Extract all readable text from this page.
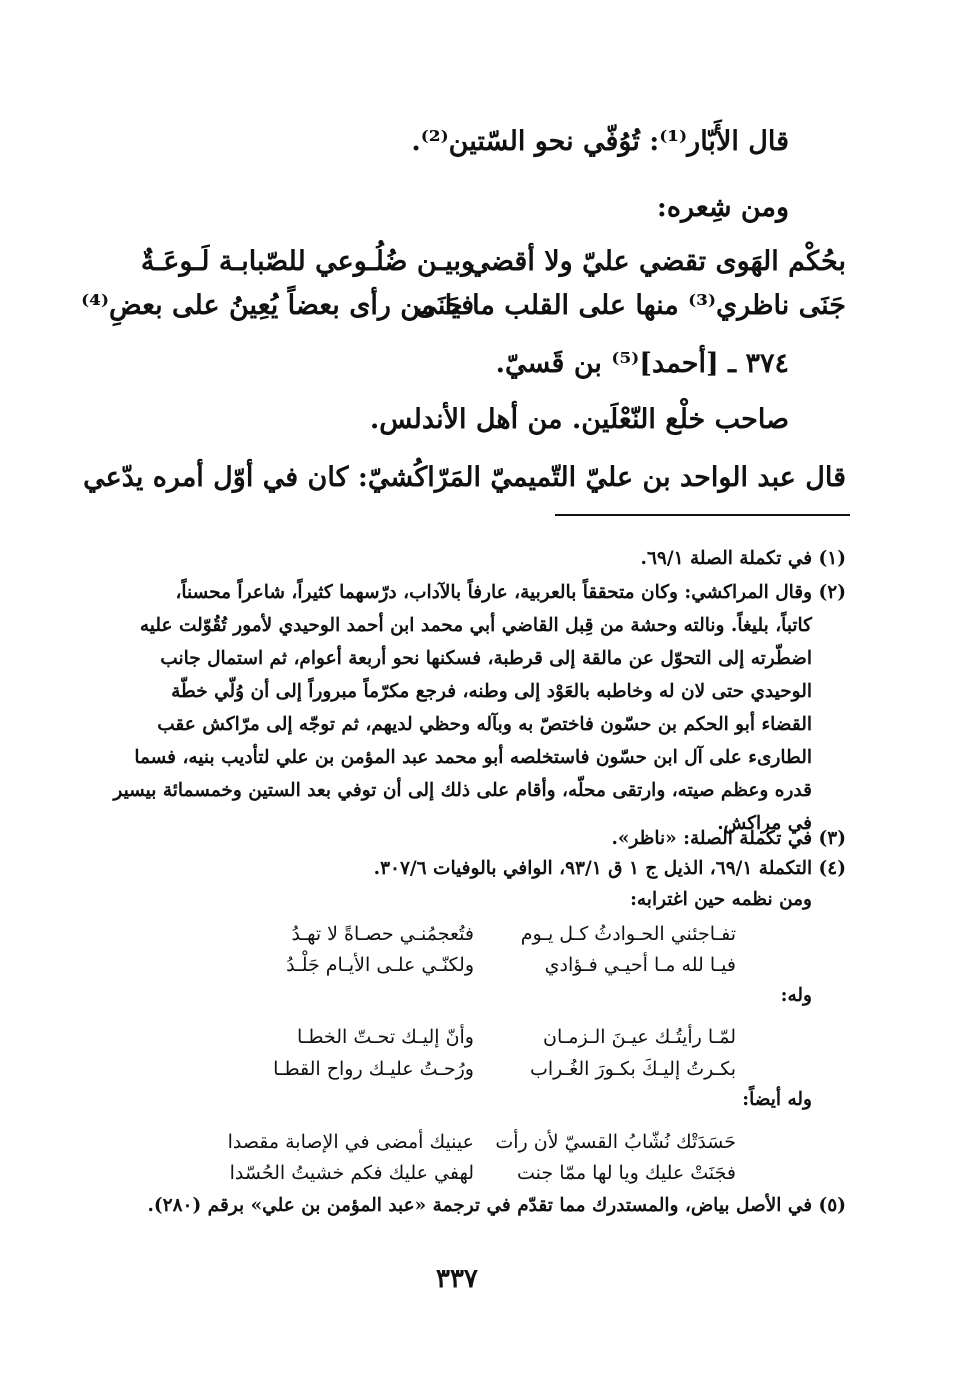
قال الأَبّار⁽¹⁾: تُوُفّي نحو السّتين⁽²⁾.
ومن شِعره:
بحُكْم الهَوى تقضي عليّ ولا أقضي
وبيـن ضُلُـوعي للصّبابـة لَـوعَـةٌ
جَنَى ناظري⁽³⁾ منها على القلب ما جَنَى
فيا من رأى بعضاً يُعِينُ على بعضِ⁽⁴⁾
٣٧٤ ـ [أحمد]⁽⁵⁾ بن قَسيّ.
صاحب خلْع النّعْلَين. من أهل الأندلس.
قال عبد الواحد بن عليّ التّميميّ المَرّاكُشيّ: كان في أوّل أمره يدّعي
(١) في تكملة الصلة ٦٩/١.
(٢) وقال المراكشي: وكان متحققاً بالعربية، عارفاً بالآداب، درّسهما كثيراً، شاعراً محسناً،
كاتباً، بليغاً. ونالته وحشة من قِبل القاضي أبي محمد ابن أحمد الوحيدي لأمور تُقُوّلت عليه
اضطّرته إلى التحوّل عن مالقة إلى قرطبة، فسكنها نحو أربعة أعوام، ثم استمال جانب
الوحيدي حتى لان له وخاطبه بالعَوْد إلى وطنه، فرجع مكرّماً مبروراً إلى أن وُلّي خطّة
القضاء أبو الحكم بن حسّون فاختصّ به وبآله وحظي لديهم، ثم توجّه إلى مرّاكش عقب
الطارىء على آل ابن حسّون فاستخلصه أبو محمد عبد المؤمن بن علي لتأديب بنيه، فسما
قدره وعظم صيته، وارتقى محلّه، وأقام على ذلك إلى أن توفي بعد الستين وخمسمائة بيسير
في مراكش.
(٣) في تكملة الصلة: «ناظر».
(٤) التكملة ٦٩/١، الذيل ج ١ ق ٩٣/١، الوافي بالوفيات ٣٠٧/٦.
ومن نظمه حين اغترابه:
تفـاجئني الحـوادثُ كـل يـوم
فتُعجمُنـي حصـاةً لا تهـدُ
فيـا لله مـا أحيـي فـؤادي
ولكنّـي علـى الأيـام جَلْـدُ
وله:
لمّـا رأيتُـك عيـنَ الـزمـان
وأنّ إليـك تحـتّ الخطـا
بكـرتُ إليـكَ بكـورَ الغُـراب
ورُحـتُ عليـك رواح القطـا
وله أيضاً:
حَسَدَتْك نُشّابُ القسيّ لأن رأت
عينيك أمضى في الإصابة مقصدا
فجَنَتْ عليك ويا لها ممّا جنت
لهفي عليك فكم خشيتُ الحُسّدا
(٥) في الأصل بياض، والمستدرك مما تقدّم في ترجمة «عبد المؤمن بن علي» برقم (٢٨٠).
٣٣٧
